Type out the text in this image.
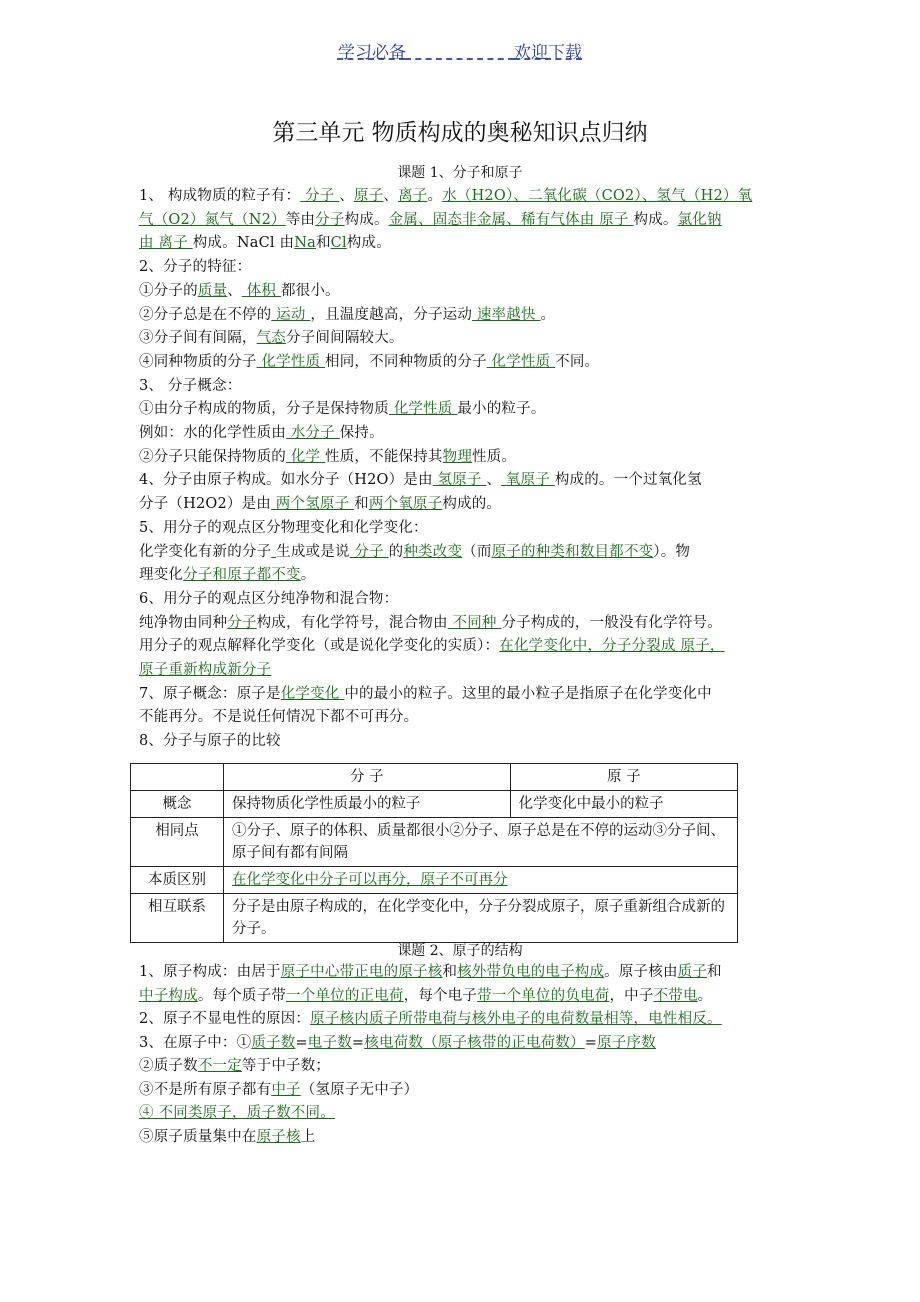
学习必备	欢迎下载
第三单元 物质构成的奥秘知识点归纳
课题 1、分子和原子
1、 构成物质的粒子有： 分子 、原子、离子。水（H2O）、二氧化碳（CO2）、氢气（H2）氧
气（O2）氮气（N2）等由分子构成。金属、固态非金属、稀有气体由 原子 构成。氯化钠
由 离子 构成。NaCl 由Na和Cl构成。
2、分子的特征：
①分子的质量、 体积 都很小。
②分子总是在不停的 运动 ，且温度越高，分子运动 速率越快 。
③分子间有间隔，气态分子间间隔较大。
④同种物质的分子 化学性质 相同，不同种物质的分子 化学性质 不同。
3、 分子概念：
①由分子构成的物质，分子是保持物质 化学性质 最小的粒子。
例如：水的化学性质由 水分子 保持。
②分子只能保持物质的 化学 性质，不能保持其物理性质。
4、分子由原子构成。如水分子（H2O）是由 氢原子 、 氧原子 构成的。一个过氧化氢
分子（H2O2）是由 两个氢原子 和两个氧原子构成的。
5、用分子的观点区分物理变化和化学变化：
化学变化有新的分子 生成或是说 分子 的种类改变（而原子的种类和数目都不变）。物
理变化分子和原子都不变。
6、用分子的观点区分纯净物和混合物：
纯净物由同种分子构成，有化学符号，混合物由 不同种 分子构成的，一般没有化学符号。
用分子的观点解释化学变化（或是说化学变化的实质）：在化学变化中，分子分裂成 原子，
原子重新构成新分子
7、原子概念：原子是化学变化 中的最小的粒子。这里的最小粒子是指原子在化学变化中
不能再分。不是说任何情况下都不可再分。
8、分子与原子的比较
	分 子	原 子
概念	保持物质化学性质最小的粒子	化学变化中最小的粒子
相同点	①分子、原子的体积、质量都很小②分子、原子总是在不停的运动③分子间、原子间有都有间隔	
本质区别	在化学变化中分子可以再分，原子不可再分	
相互联系	分子是由原子构成的，在化学变化中，分子分裂成原子，原子重新组合成新的分子。	
课题 2、原子的结构
1、原子构成：由居于原子中心带正电的原子核和核外带负电的电子构成。原子核由质子和
中子构成。每个质子带一个单位的正电荷，每个电子带一个单位的负电荷，中子不带电。
2、原子不显电性的原因：原子核内质子所带电荷与核外电子的电荷数量相等，电性相反。
3、在原子中：①质子数=电子数=核电荷数（原子核带的正电荷数）=原子序数
②质子数不一定等于中子数；
③不是所有原子都有中子（氢原子无中子）
④ 不同类原子，质子数不同。
⑤原子质量集中在原子核上
